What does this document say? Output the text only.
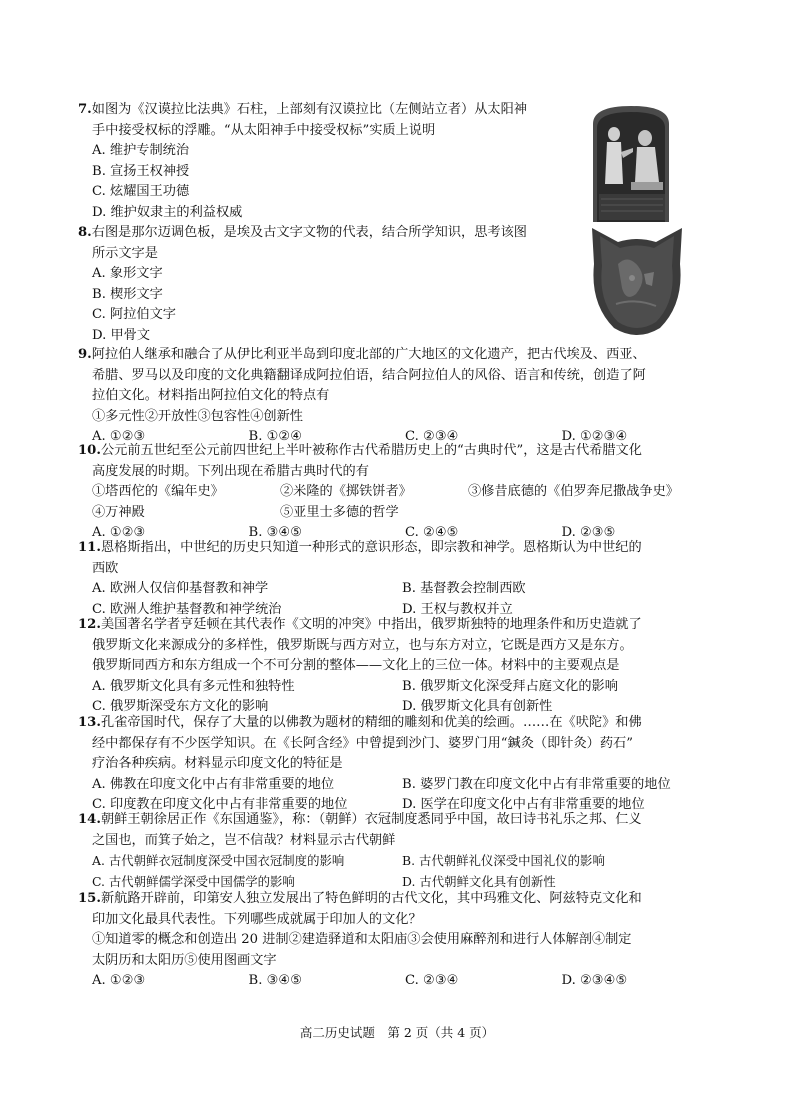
7.如图为《汉谟拉比法典》石柱，上部刻有汉谟拉比（左侧站立者）从太阳神
手中接受权标的浮雕。“从太阳神手中接受权标”实质上说明
A. 维护专制统治
B. 宣扬王权神授
C. 炫耀国王功德
D. 维护奴隶主的利益权威
8.右图是那尔迈调色板，是埃及古文字文物的代表，结合所学知识，思考该图
所示文字是
A. 象形文字
B. 楔形文字
C. 阿拉伯文字
D. 甲骨文
9.阿拉伯人继承和融合了从伊比利亚半岛到印度北部的广大地区的文化遗产，把古代埃及、西亚、
希腊、罗马以及印度的文化典籍翻译成阿拉伯语，结合阿拉伯人的风俗、语言和传统，创造了阿
拉伯文化。材料指出阿拉伯文化的特点有
①多元性②开放性③包容性④创新性
A. ①②③	B. ①②④	C. ②③④	D. ①②③④
10.公元前五世纪至公元前四世纪上半叶被称作古代希腊历史上的“古典时代”，这是古代希腊文化
高度发展的时期。下列出现在希腊古典时代的有
①塔西佗的《编年史》	②米隆的《掷铁饼者》	③修昔底德的《伯罗奔尼撒战争史》
④万神殿	⑤亚里士多德的哲学
A. ①②③	B. ③④⑤	C. ②④⑤	D. ②③⑤
11.恩格斯指出，中世纪的历史只知道一种形式的意识形态，即宗教和神学。恩格斯认为中世纪的
西欧
A. 欧洲人仅信仰基督教和神学	B. 基督教会控制西欧
C. 欧洲人维护基督教和神学统治	D. 王权与教权并立
12.美国著名学者亨廷顿在其代表作《文明的冲突》中指出，俄罗斯独特的地理条件和历史造就了
俄罗斯文化来源成分的多样性，俄罗斯既与西方对立，也与东方对立，它既是西方又是东方。
俄罗斯同西方和东方组成一个不可分割的整体——文化上的三位一体。材料中的主要观点是
A. 俄罗斯文化具有多元性和独特性	B. 俄罗斯文化深受拜占庭文化的影响
C. 俄罗斯深受东方文化的影响	D. 俄罗斯文化具有创新性
13.孔雀帝国时代，保存了大量的以佛教为题材的精细的雕刻和优美的绘画。……在《吠陀》和佛
经中都保存有不少医学知识。在《长阿含经》中曾提到沙门、婆罗门用“鍼灸（即针灸）药石”
疗治各种疾病。材料显示印度文化的特征是
A. 佛教在印度文化中占有非常重要的地位	B. 婆罗门教在印度文化中占有非常重要的地位
C. 印度教在印度文化中占有非常重要的地位	D. 医学在印度文化中占有非常重要的地位
14.朝鲜王朝徐居正作《东国通鉴》，称：（朝鲜）衣冠制度悉同乎中国，故曰诗书礼乐之邦、仁义
之国也，而箕子始之，岂不信哉？材料显示古代朝鲜
A. 古代朝鲜衣冠制度深受中国衣冠制度的影响	B. 古代朝鲜礼仪深受中国礼仪的影响
C. 古代朝鲜儒学深受中国儒学的影响	D. 古代朝鲜文化具有创新性
15.新航路开辟前，印第安人独立发展出了特色鲜明的古代文化，其中玛雅文化、阿兹特克文化和
印加文化最具代表性。下列哪些成就属于印加人的文化？
①知道零的概念和创造出 20 进制②建造驿道和太阳庙③会使用麻醉剂和进行人体解剖④制定
太阴历和太阳历⑤使用图画文字
A. ①②③	B. ③④⑤	C. ②③④	D. ②③④⑤
高二历史试题　第 2 页（共 4 页）
